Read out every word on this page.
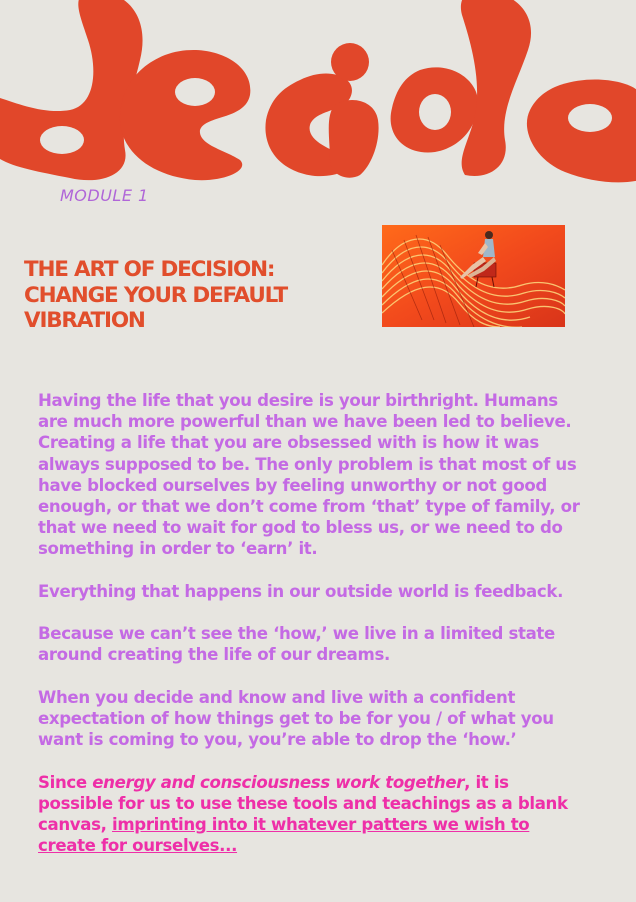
MODULE 1
THE ART OF DECISION:
CHANGE YOUR DEFAULT
VIBRATION

Having the life that you desire is your birthright. Humans
are much more powerful than we have been led to believe.
Creating a life that you are obsessed with is how it was
always supposed to be. The only problem is that most of us
have blocked ourselves by feeling unworthy or not good
enough, or that we don’t come from ‘that’ type of family, or
that we need to wait for god to bless us, or we need to do
something in order to ‘earn’ it.

Everything that happens in our outside world is feedback.

Because we can’t see the ‘how,’ we live in a limited state
around creating the life of our dreams.

When you decide and know and live with a confident
expectation of how things get to be for you / of what you
want is coming to you, you’re able to drop the ‘how.’

Since energy and consciousness work together, it is
possible for us to use these tools and teachings as a blank
canvas, imprinting into it whatever patters we wish to
create for ourselves...
